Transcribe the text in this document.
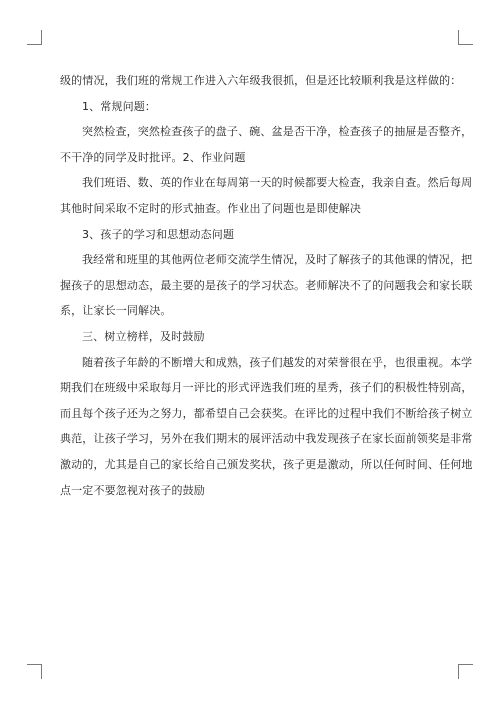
级的情况，我们班的常规工作进入六年级我很抓，但是还比较顺利我是这样做的：

1、常规问题：

突然检查，突然检查孩子的盘子、碗、盆是否干净，检查孩子的抽屉是否整齐，

不干净的同学及时批评。2、作业问题

我们班语、数、英的作业在每周第一天的时候都要大检查，我亲自查。然后每周

其他时间采取不定时的形式抽查。作业出了问题也是即使解决

3、孩子的学习和思想动态问题

我经常和班里的其他两位老师交流学生情况，及时了解孩子的其他课的情况，把

握孩子的思想动态，最主要的是孩子的学习状态。老师解决不了的问题我会和家长联

系，让家长一同解决。

三、树立榜样，及时鼓励

随着孩子年龄的不断增大和成熟，孩子们越发的对荣誉很在乎，也很重视。本学

期我们在班级中采取每月一评比的形式评选我们班的星秀，孩子们的积极性特别高，

而且每个孩子还为之努力，都希望自己会获奖。在评比的过程中我们不断给孩子树立

典范，让孩子学习，另外在我们期末的展评活动中我发现孩子在家长面前领奖是非常

激动的，尤其是自己的家长给自己颁发奖状，孩子更是激动，所以任何时间、任何地

点一定不要忽视对孩子的鼓励
